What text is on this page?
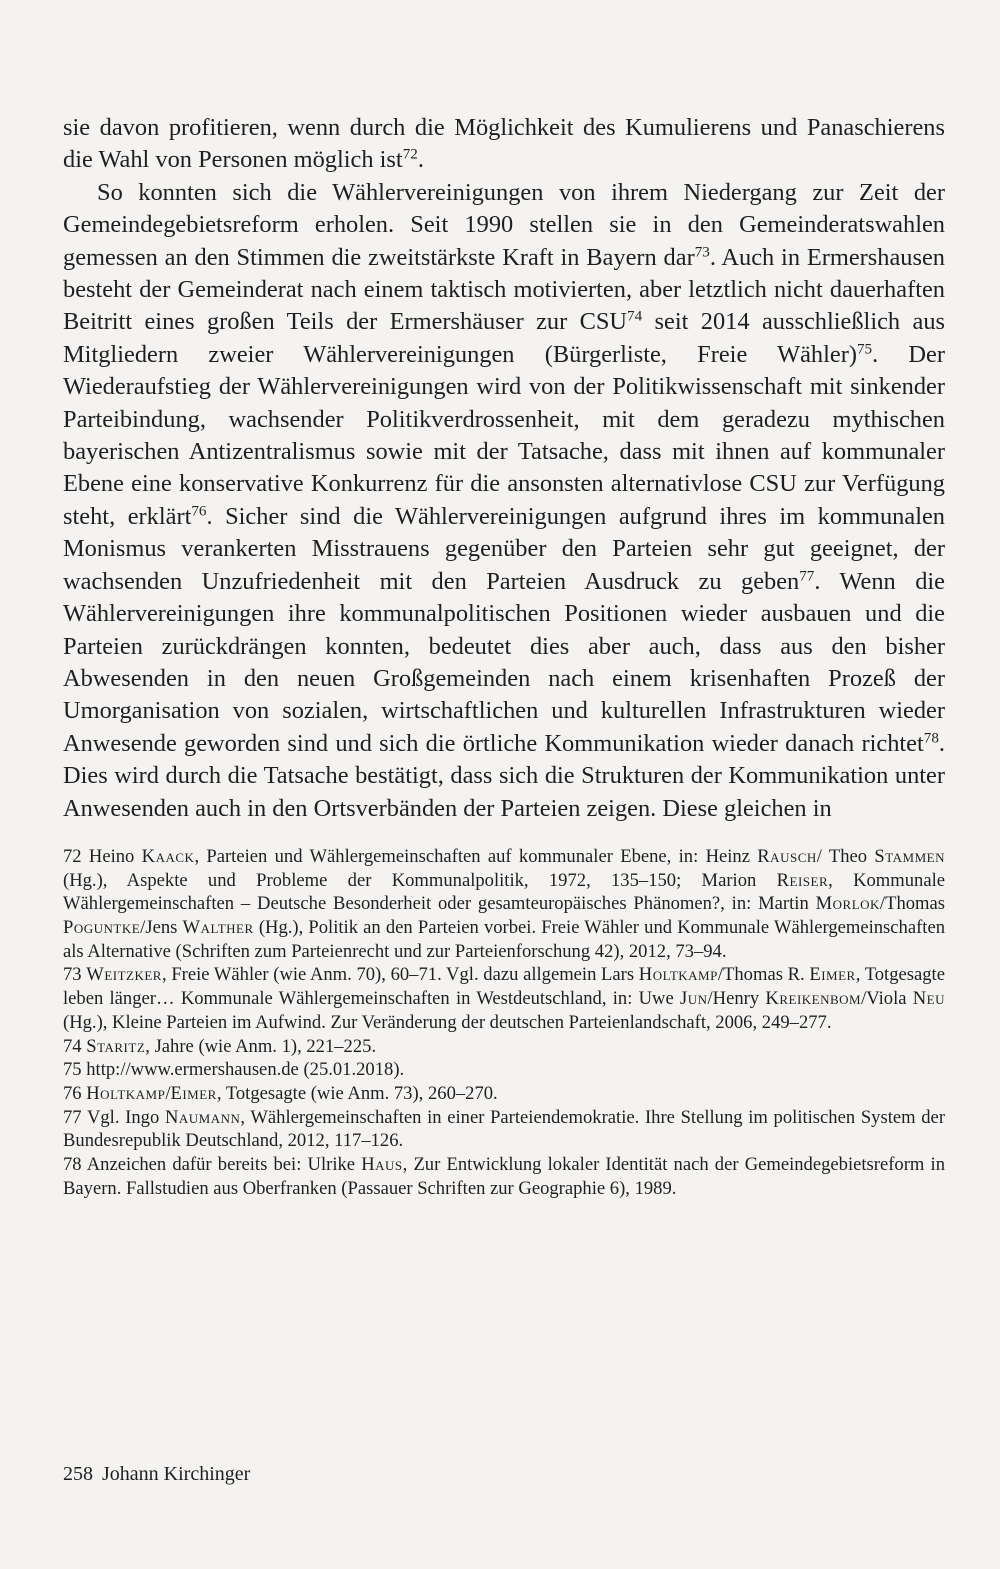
sie davon profitieren, wenn durch die Möglichkeit des Kumulierens und Panaschierens die Wahl von Personen möglich ist$^{72}$.

So konnten sich die Wählervereinigungen von ihrem Niedergang zur Zeit der Gemeindegebietsreform erholen. Seit 1990 stellen sie in den Gemeinderatswahlen gemessen an den Stimmen die zweitstärkste Kraft in Bayern dar$^{73}$. Auch in Ermershausen besteht der Gemeinderat nach einem taktisch motivierten, aber letztlich nicht dauerhaften Beitritt eines großen Teils der Ermershäuser zur CSU$^{74}$ seit 2014 ausschließlich aus Mitgliedern zweier Wählervereinigungen (Bürgerliste, Freie Wähler)$^{75}$. Der Wiederaufstieg der Wählervereinigungen wird von der Politikwissenschaft mit sinkender Parteibindung, wachsender Politikverdrossenheit, mit dem geradezu mythischen bayerischen Antizentralismus sowie mit der Tatsache, dass mit ihnen auf kommunaler Ebene eine konservative Konkurrenz für die ansonsten alternativlose CSU zur Verfügung steht, erklärt$^{76}$. Sicher sind die Wählervereinigungen aufgrund ihres im kommunalen Monismus verankerten Misstrauens gegenüber den Parteien sehr gut geeignet, der wachsenden Unzufriedenheit mit den Parteien Ausdruck zu geben$^{77}$. Wenn die Wählervereinigungen ihre kommunalpolitischen Positionen wieder ausbauen und die Parteien zurückdrängen konnten, bedeutet dies aber auch, dass aus den bisher Abwesenden in den neuen Großgemeinden nach einem krisenhaften Prozeß der Umorganisation von sozialen, wirtschaftlichen und kulturellen Infrastrukturen wieder Anwesende geworden sind und sich die örtliche Kommunikation wieder danach richtet$^{78}$. Dies wird durch die Tatsache bestätigt, dass sich die Strukturen der Kommunikation unter Anwesenden auch in den Ortsverbänden der Parteien zeigen. Diese gleichen in

72 Heino Kaack, Parteien und Wählergemeinschaften auf kommunaler Ebene, in: Heinz Rausch/ Theo Stammen (Hg.), Aspekte und Probleme der Kommunalpolitik, 1972, 135–150; Marion Reiser, Kommunale Wählergemeinschaften – Deutsche Besonderheit oder gesamteuropäisches Phänomen?, in: Martin Morlok/Thomas Poguntke/Jens Walther (Hg.), Politik an den Parteien vorbei. Freie Wähler und Kommunale Wählergemeinschaften als Alternative (Schriften zum Parteienrecht und zur Parteienforschung 42), 2012, 73–94.

73 Weitzker, Freie Wähler (wie Anm. 70), 60–71. Vgl. dazu allgemein Lars Holtkamp/Thomas R. Eimer, Totgesagte leben länger… Kommunale Wählergemeinschaften in Westdeutschland, in: Uwe Jun/Henry Kreikenbom/Viola Neu (Hg.), Kleine Parteien im Aufwind. Zur Veränderung der deutschen Parteienlandschaft, 2006, 249–277.

74 Staritz, Jahre (wie Anm. 1), 221–225.

75 http://www.ermershausen.de (25.01.2018).

76 Holtkamp/Eimer, Totgesagte (wie Anm. 73), 260–270.

77 Vgl. Ingo Naumann, Wählergemeinschaften in einer Parteiendemokratie. Ihre Stellung im politischen System der Bundesrepublik Deutschland, 2012, 117–126.

78 Anzeichen dafür bereits bei: Ulrike Haus, Zur Entwicklung lokaler Identität nach der Gemeindegebietsreform in Bayern. Fallstudien aus Oberfranken (Passauer Schriften zur Geographie 6), 1989.

258 Johann Kirchinger
